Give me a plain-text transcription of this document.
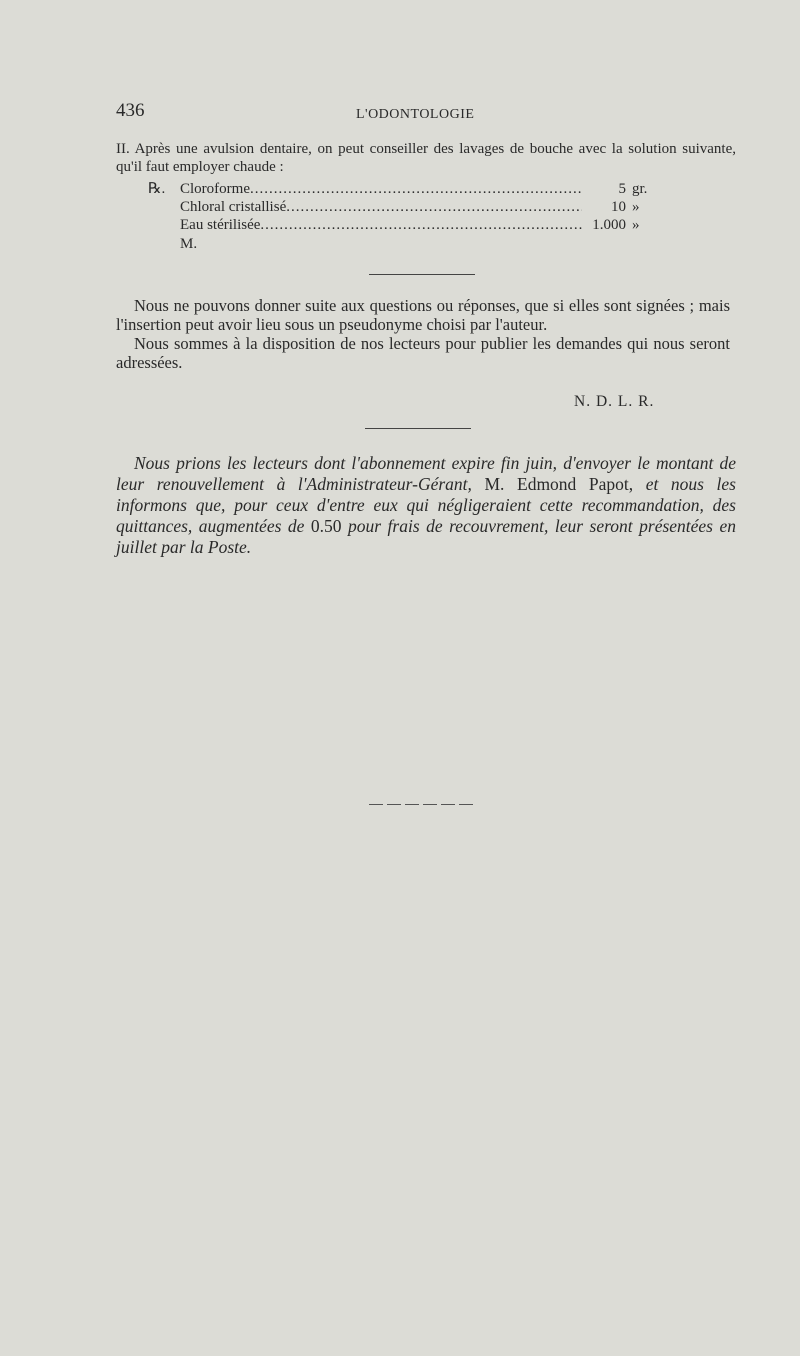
436	L'ODONTOLOGIE
II. Après une avulsion dentaire, on peut conseiller des lavages de bouche avec la solution suivante, qu'il faut employer chaude :
℞. Cloroforme .....	5 gr.
Chloral cristallisé .....	10 »
Eau stérilisée .....	1.000 »
M.

Nous ne pouvons donner suite aux questions ou réponses, que si elles sont signées ; mais l'insertion peut avoir lieu sous un pseudonyme choisi par l'auteur.

Nous sommes à la disposition de nos lecteurs pour publier les demandes qui nous seront adressées.

N. D. L. R.

Nous prions les lecteurs dont l'abonnement expire fin juin, d'envoyer le montant de leur renouvellement à l'Administrateur-Gérant, M. Edmond Papot, et nous les informons que, pour ceux d'entre eux qui négligeraient cette recommandation, des quittances, augmentées de 0.50 pour frais de recouvrement, leur seront présentées en juillet par la Poste.
